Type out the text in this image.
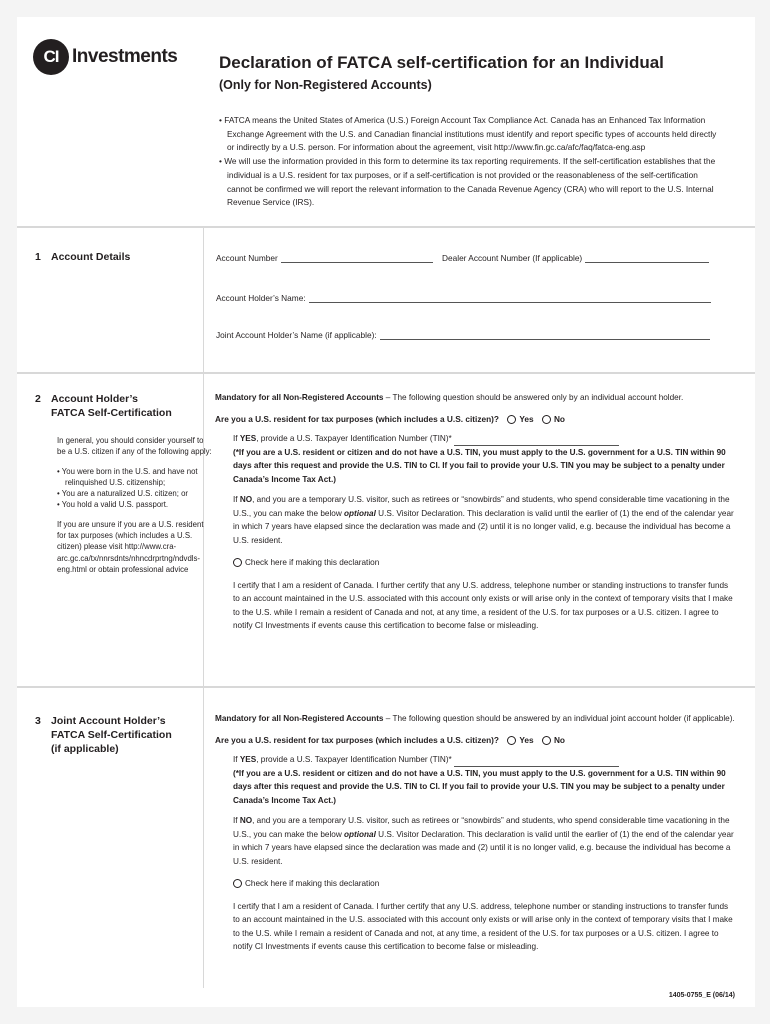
CI Investments Declaration of FATCA self-certification for an Individual
(Only for Non-Registered Accounts)

• FATCA means the United States of America (U.S.) Foreign Account Tax Compliance Act. Canada has an Enhanced Tax Information Exchange Agreement with the U.S. and Canadian financial institutions must identify and report specific types of accounts held directly or indirectly by a U.S. person. For information about the agreement, visit http://www.fin.gc.ca/afc/faq/fatca-eng.asp

• We will use the information provided in this form to determine its tax reporting requirements. If the self-certification establishes that the individual is a U.S. resident for tax purposes, or if a self-certification is not provided or the reasonableness of the self-certification cannot be confirmed we will report the relevant information to the Canada Revenue Agency (CRA) who will report to the U.S. Internal Revenue Service (IRS).

1 Account Details	Account Number	Dealer Account Number (If applicable)
Account Holder’s Name:
Joint Account Holder’s Name (if applicable):
2 Account Holder’s
FATCA Self-Certification

In general, you should consider yourself to be a U.S. citizen if any of the following apply:

• You were born in the U.S. and have not relinquished U.S. citizenship;
• You are a naturalized U.S. citizen; or
• You hold a valid U.S. passport.

If you are unsure if you are a U.S. resident for tax purposes (which includes a U.S. citizen) please visit http://www.cra-arc.gc.ca/tx/nnrsdnts/nhncdrprtng/ndvdls-eng.html or obtain professional advice

Mandatory for all Non-Registered Accounts – The following question should be answered only by an individual account holder.
Are you a U.S. resident for tax purposes (which includes a U.S. citizen)? Yes No
If YES, provide a U.S. Taxpayer Identification Number (TIN)*
(*If you are a U.S. resident or citizen and do not have a U.S. TIN, you must apply to the U.S. government for a U.S. TIN within 90 days after this request and provide the U.S. TIN to CI. If you fail to provide your U.S. TIN you may be subject to a penalty under Canada’s Income Tax Act.)
If NO, and you are a temporary U.S. visitor, such as retirees or “snowbirds” and students, who spend considerable time vacationing in the U.S., you can make the below optional U.S. Visitor Declaration. This declaration is valid until the earlier of (1) the end of the calendar year in which 7 years have elapsed since the declaration was made and (2) until it is no longer valid, e.g. because the individual has become a U.S. resident.
Check here if making this declaration
I certify that I am a resident of Canada. I further certify that any U.S. address, telephone number or standing instructions to transfer funds to an account maintained in the U.S. associated with this account only exists or will arise only in the context of temporary visits that I make to the U.S. while I remain a resident of Canada and not, at any time, a resident of the U.S. for tax purposes or a U.S. citizen. I agree to notify CI Investments if events cause this certification to become false or misleading.
3 Joint Account Holder’s
FATCA Self-Certification
(if applicable)
Mandatory for all Non-Registered Accounts – The following question should be answered by an individual joint account holder (if applicable).
Are you a U.S. resident for tax purposes (which includes a U.S. citizen)? Yes No
If YES, provide a U.S. Taxpayer Identification Number (TIN)*
(*If you are a U.S. resident or citizen and do not have a U.S. TIN, you must apply to the U.S. government for a U.S. TIN within 90 days after this request and provide the U.S. TIN to CI. If you fail to provide your U.S. TIN you may be subject to a penalty under Canada’s Income Tax Act.)
If NO, and you are a temporary U.S. visitor, such as retirees or “snowbirds” and students, who spend considerable time vacationing in the U.S., you can make the below optional U.S. Visitor Declaration. This declaration is valid until the earlier of (1) the end of the calendar year in which 7 years have elapsed since the declaration was made and (2) until it is no longer valid, e.g. because the individual has become a U.S. resident.
Check here if making this declaration
I certify that I am a resident of Canada. I further certify that any U.S. address, telephone number or standing instructions to transfer funds to an account maintained in the U.S. associated with this account only exists or will arise only in the context of temporary visits that I make to the U.S. while I remain a resident of Canada and not, at any time, a resident of the U.S. for tax purposes or a U.S. citizen. I agree to notify CI Investments if events cause this certification to become false or misleading.
1405-0755_E (06/14)
